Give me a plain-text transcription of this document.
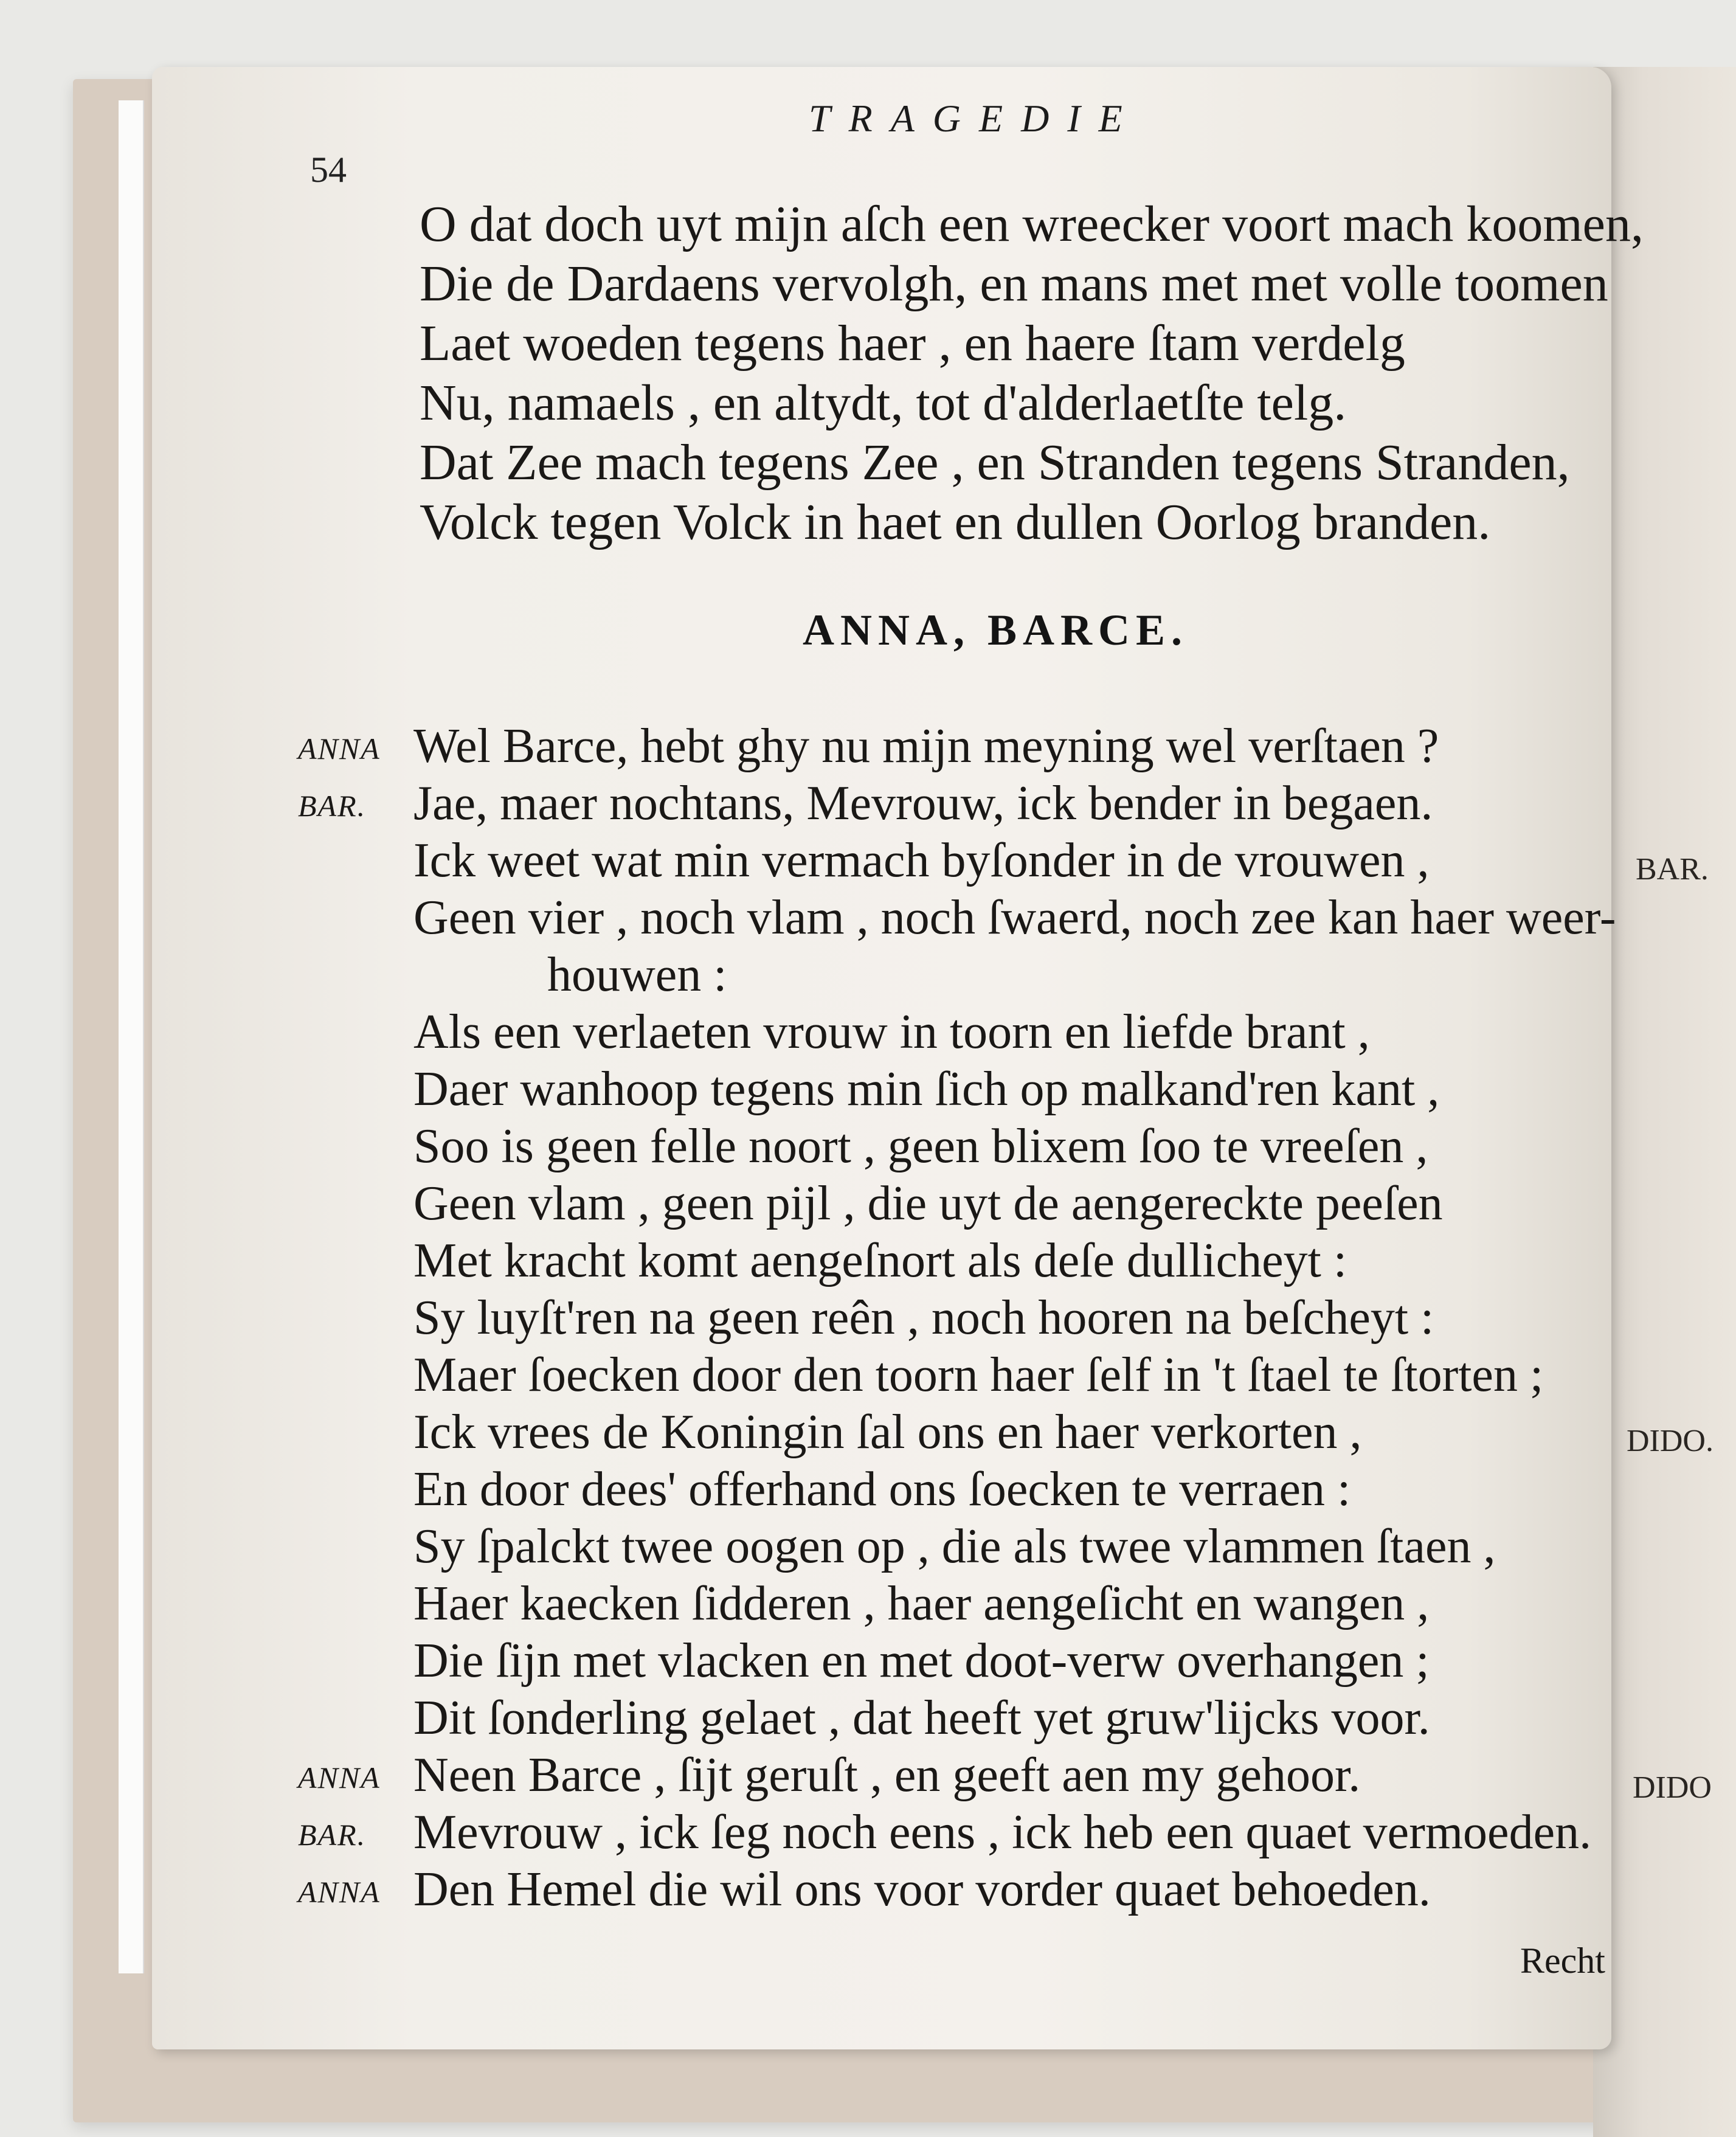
BAR.
DIDO.
DIDO
54
TRAGEDIE
O dat doch uyt mijn aſch een wreecker voort mach koomen,
Die de Dardaens vervolgh, en mans met met volle toomen
Laet woeden tegens haer , en haere ſtam verdelg
Nu, namaels , en altydt, tot d'alderlaetſte telg.
Dat Zee mach tegens Zee , en Stranden tegens Stranden,
Volck tegen Volck in haet en dullen Oorlog branden.
ANNA, BARCE.
ANNA Wel Barce, hebt ghy nu mijn meyning wel verſtaen ?
BAR. Jae, maer nochtans, Mevrouw, ick bender in begaen.
Ick weet wat min vermach byſonder in de vrouwen ,
Geen vier , noch vlam , noch ſwaerd, noch zee kan haer weer-
houwen :
Als een verlaeten vrouw in toorn en liefde brant ,
Daer wanhoop tegens min ſich op malkand'ren kant ,
Soo is geen felle noort , geen blixem ſoo te vreeſen ,
Geen vlam , geen pijl , die uyt de aengereckte peeſen
Met kracht komt aengeſnort als deſe dullicheyt :
Sy luyſt'ren na geen reên , noch hooren na beſcheyt :
Maer ſoecken door den toorn haer ſelf in 't ſtael te ſtorten ;
Ick vrees de Koningin ſal ons en haer verkorten ,
En door dees' offerhand ons ſoecken te verraen :
Sy ſpalckt twee oogen op , die als twee vlammen ſtaen ,
Haer kaecken ſidderen , haer aengeſicht en wangen ,
Die ſijn met vlacken en met doot-verw overhangen ;
Dit ſonderling gelaet , dat heeft yet gruw'lijcks voor.
ANNA Neen Barce , ſijt geruſt , en geeft aen my gehoor.
BAR. Mevrouw , ick ſeg noch eens , ick heb een quaet vermoeden.
ANNA Den Hemel die wil ons voor vorder quaet behoeden.
Recht
